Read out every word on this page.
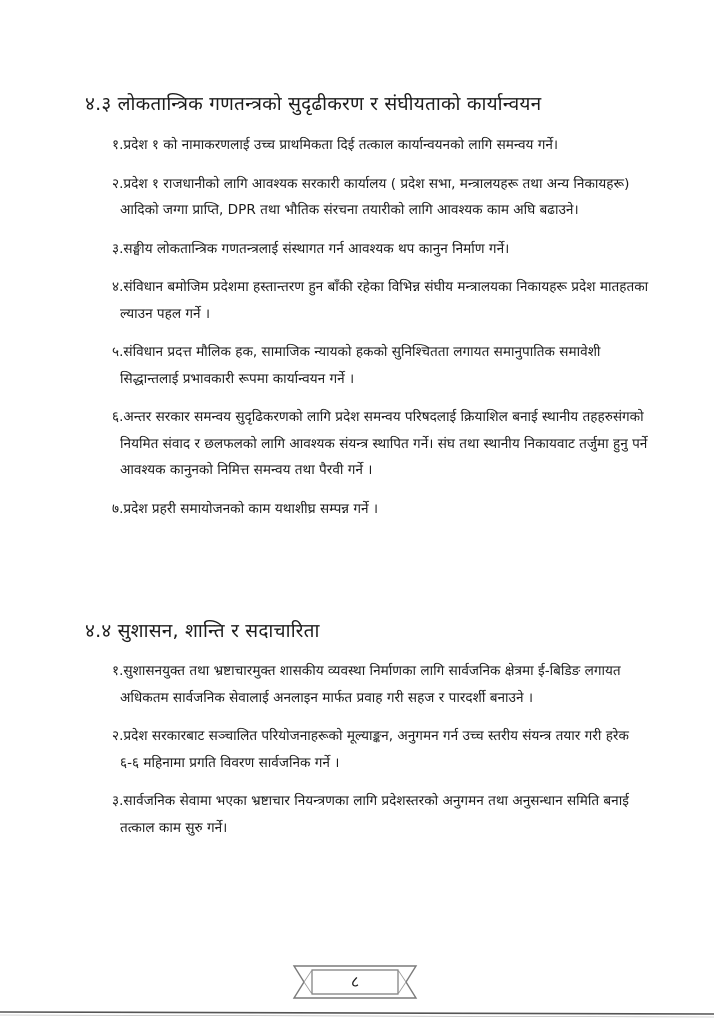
४.३ लोकतान्त्रिक गणतन्त्रको सुदृढीकरण र संघीयताको कार्यान्वयन
१.प्रदेश १ को नामाकरणलाई उच्च प्राथमिकता दिई तत्काल कार्यान्वयनको लागि समन्वय गर्ने।
२.प्रदेश १ राजधानीको लागि आवश्यक सरकारी कार्यालय ( प्रदेश सभा, मन्त्रालयहरू तथा अन्य निकायहरू) आदिको जग्गा प्राप्ति, DPR तथा भौतिक संरचना तयारीको लागि आवश्यक काम अघि बढाउने।
३.सङ्घीय लोकतान्त्रिक गणतन्त्रलाई संस्थागत गर्न आवश्यक थप कानुन निर्माण गर्ने।
४.संविधान बमोजिम प्रदेशमा हस्तान्तरण हुन बाँकी रहेका विभिन्न संघीय मन्त्रालयका निकायहरू प्रदेश मातहतका ल्याउन पहल गर्ने ।
५.संविधान प्रदत्त मौलिक हक, सामाजिक न्यायको हकको सुनिश्चितता लगायत समानुपातिक समावेशी सिद्धान्तलाई प्रभावकारी रूपमा कार्यान्वयन गर्ने ।
६.अन्तर सरकार समन्वय सुदृढिकरणको लागि प्रदेश समन्वय परिषदलाई क्रियाशिल बनाई स्थानीय तहहरुसंगको नियमित संवाद र छलफलको लागि आवश्यक संयन्त्र स्थापित गर्ने। संघ तथा स्थानीय निकायवाट तर्जुमा हुनु पर्ने आवश्यक कानुनको निमित्त समन्वय तथा पैरवी गर्ने ।
७.प्रदेश प्रहरी समायोजनको काम यथाशीघ्र सम्पन्न गर्ने ।
४.४ सुशासन, शान्ति र सदाचारिता
१.सुशासनयुक्त तथा भ्रष्टाचारमुक्त शासकीय व्यवस्था निर्माणका लागि सार्वजनिक क्षेत्रमा ई-बिडिङ लगायत अधिकतम सार्वजनिक सेवालाई अनलाइन मार्फत प्रवाह गरी सहज र पारदर्शी बनाउने ।
२.प्रदेश सरकारबाट सञ्चालित परियोजनाहरूको मूल्याङ्कन, अनुगमन गर्न उच्च स्तरीय संयन्त्र तयार गरी हरेक ६-६ महिनामा प्रगति विवरण सार्वजनिक गर्ने ।
३.सार्वजनिक सेवामा भएका भ्रष्टाचार नियन्त्रणका लागि प्रदेशस्तरको अनुगमन तथा अनुसन्धान समिति बनाई तत्काल काम सुरु गर्ने।
८
